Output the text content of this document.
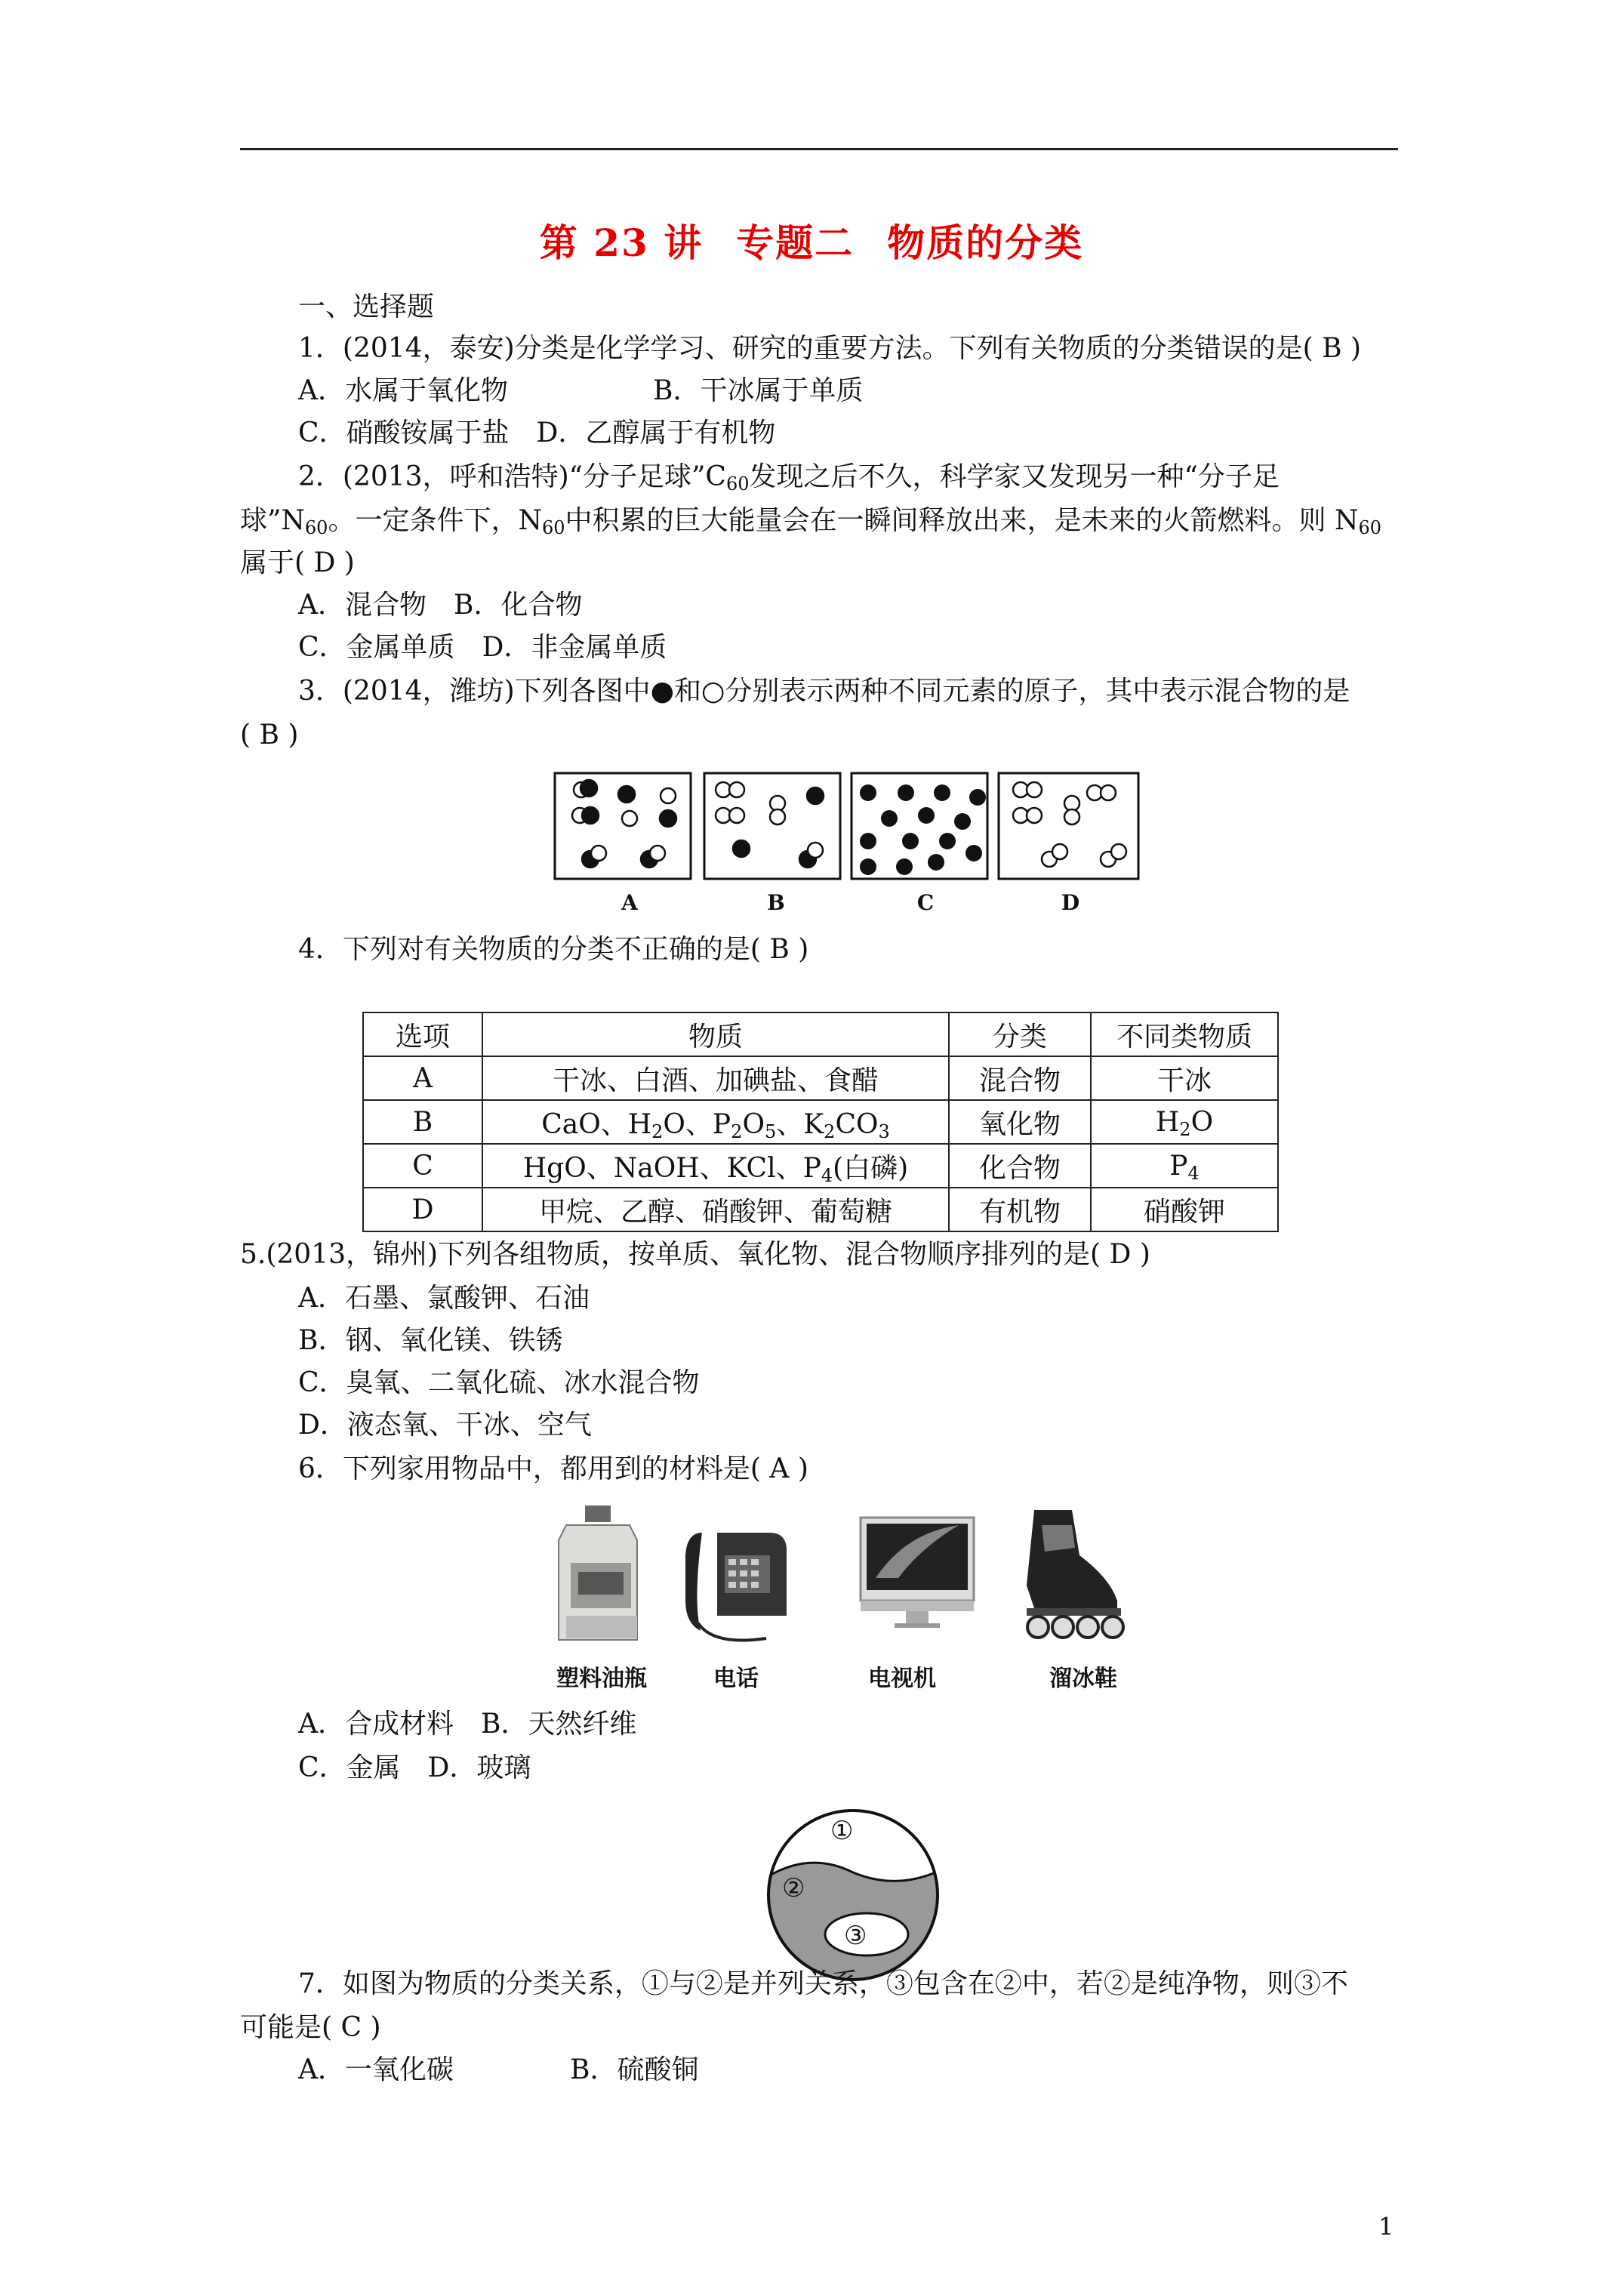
第 23 讲 专题二 物质的分类
一、选择题
1．(2014，泰安)分类是化学学习、研究的重要方法。下列有关物质的分类错误的是( B )
A．水属于氧化物	B．干冰属于单质
C．硝酸铵属于盐　D．乙醇属于有机物
2．(2013，呼和浩特)“分子足球$”C_{60}$发现之后不久，科学家又发现另一种“分子足
球$”N_{60}$。一定条件下，$N_{60}$中积累的巨大能量会在一瞬间释放出来，是未来的火箭燃料。则 $N_{60}$
属于( D )
A．混合物　B．化合物
C．金属单质　D．非金属单质
3．(2014，潍坊)下列各图中●和○分别表示两种不同元素的原子，其中表示混合物的是
( B )
A	B	C	D
4．下列对有关物质的分类不正确的是( B )
选项	物质	分类	不同类物质
A	干冰、白酒、加碘盐、食醋	混合物	干冰
B	CaO、$H_2O$、$P_2O_5$、$K_2CO_3$	氧化物	$H_2O$
C	HgO、NaOH、KCl、$P_4$(白磷)	化合物	$P_4$
D	甲烷、乙醇、硝酸钾、葡萄糖	有机物	硝酸钾
5.(2013，锦州)下列各组物质，按单质、氧化物、混合物顺序排列的是( D )
A．石墨、氯酸钾、石油
B．钢、氧化镁、铁锈
C．臭氧、二氧化硫、冰水混合物
D．液态氧、干冰、空气
6．下列家用物品中，都用到的材料是( A )
塑料油瓶	电话	电视机	溜冰鞋
A．合成材料　B．天然纤维
C．金属　D．玻璃
①
②
③
7．如图为物质的分类关系，①与②是并列关系，③包含在②中，若②是纯净物，则③不
可能是( C )
A．一氧化碳	B．硫酸铜
1
